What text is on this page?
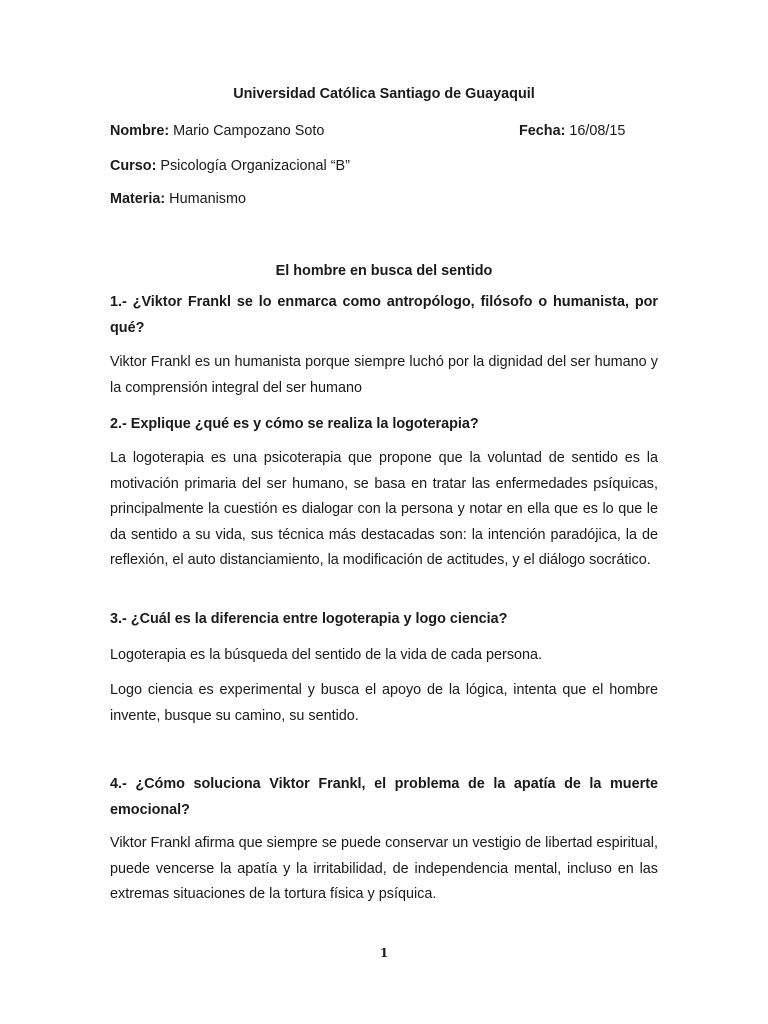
Universidad Católica Santiago de Guayaquil

Nombre: Mario Campozano Soto	Fecha: 16/08/15
Curso: Psicología Organizacional “B”
Materia: Humanismo

El hombre en busca del sentido

1.- ¿Viktor Frankl se lo enmarca como antropólogo, filósofo o humanista, por qué?

Viktor Frankl es un humanista porque siempre luchó por la dignidad del ser humano y la comprensión integral del ser humano

2.- Explique ¿qué es y cómo se realiza la logoterapia?

La logoterapia es una psicoterapia que propone que la voluntad de sentido es la motivación primaria del ser humano, se basa en tratar las enfermedades psíquicas, principalmente la cuestión es dialogar con la persona y notar en ella que es lo que le da sentido a su vida, sus técnica más destacadas son: la intención paradójica, la de reflexión, el auto distanciamiento, la modificación de actitudes, y el diálogo socrático.

3.- ¿Cuál es la diferencia entre logoterapia y logo ciencia?

Logoterapia es la búsqueda del sentido de la vida de cada persona.

Logo ciencia es experimental y busca el apoyo de la lógica, intenta que el hombre invente, busque su camino, su sentido.

4.- ¿Cómo soluciona Viktor Frankl, el problema de la apatía de la muerte emocional?

Viktor Frankl afirma que siempre se puede conservar un vestigio de libertad espiritual, puede vencerse la apatía y la irritabilidad, de independencia mental, incluso en las extremas situaciones de la tortura física y psíquica.

1
